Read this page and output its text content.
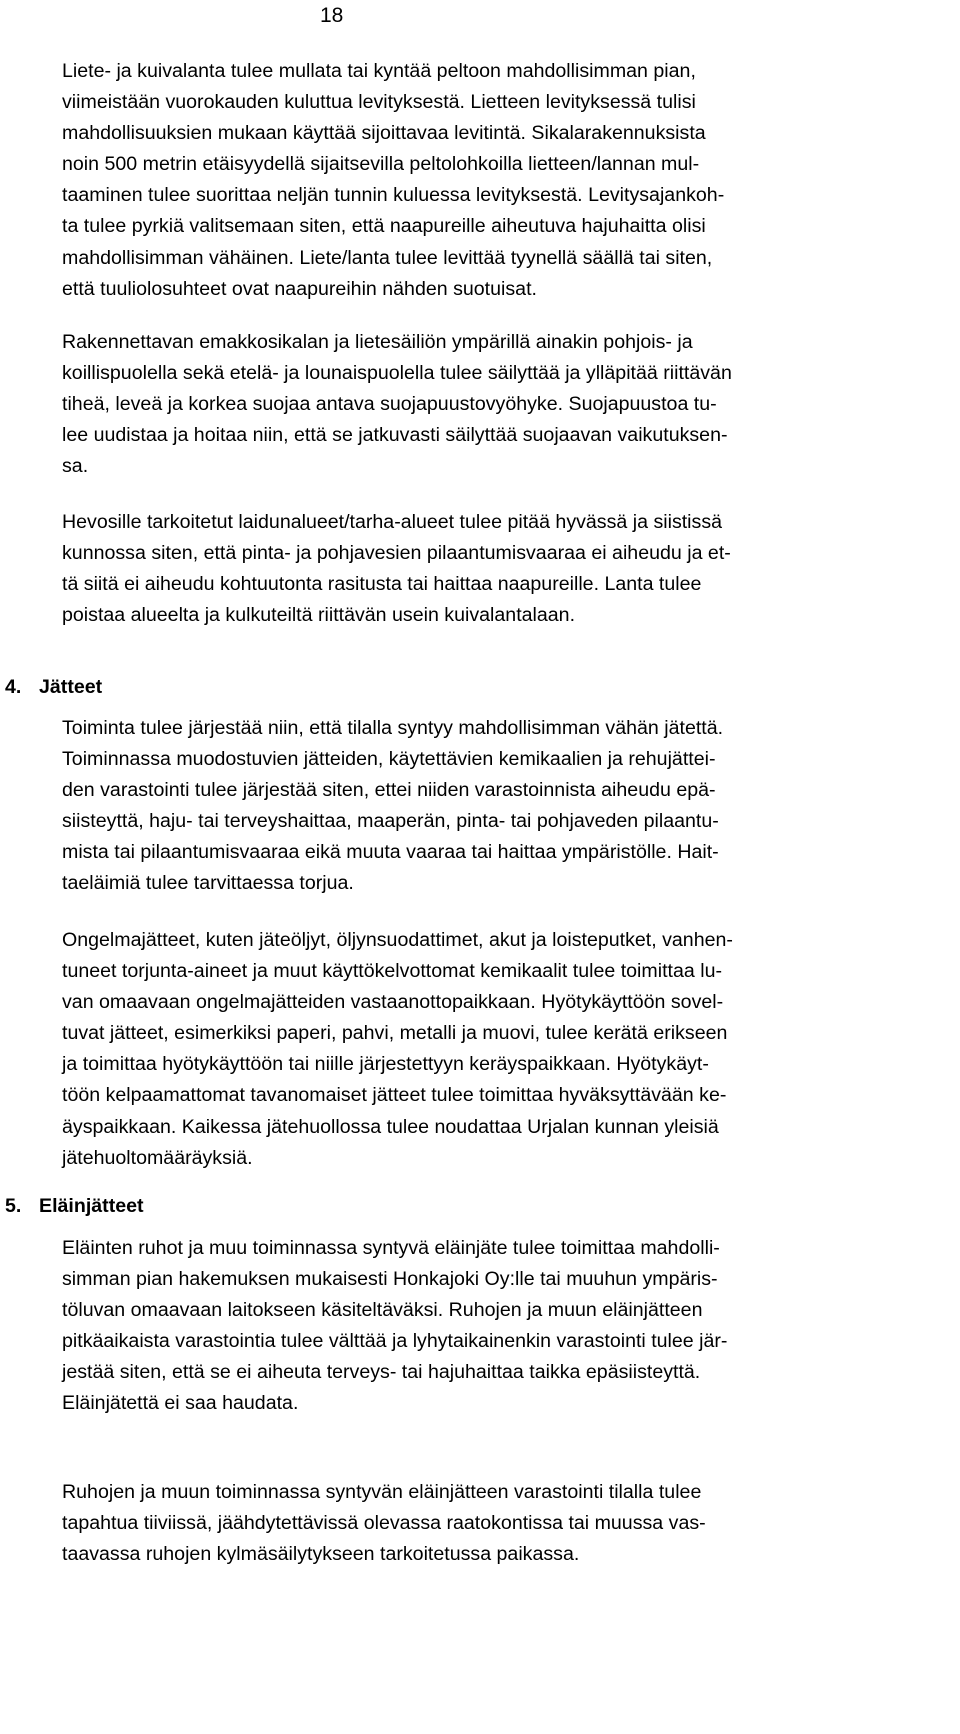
18

Liete- ja kuivalanta tulee mullata tai kyntää peltoon mahdollisimman pian,
viimeistään vuorokauden kuluttua levityksestä. Lietteen levityksessä tulisi
mahdollisuuksien mukaan käyttää sijoittavaa levitintä. Sikalarakennuksista
noin 500 metrin etäisyydellä sijaitsevilla peltolohkoilla lietteen/lannan mul-
taaminen tulee suorittaa neljän tunnin kuluessa levityksestä. Levitysajankoh-
ta tulee pyrkiä valitsemaan siten, että naapureille aiheutuva hajuhaitta olisi
mahdollisimman vähäinen. Liete/lanta tulee levittää tyynellä säällä tai siten,
että tuuliolosuhteet ovat naapureihin nähden suotuisat.

Rakennettavan emakkosikalan ja lietesäiliön ympärillä ainakin pohjois- ja
koillispuolella sekä etelä- ja lounaispuolella tulee säilyttää ja ylläpitää riittävän
tiheä, leveä ja korkea suojaa antava suojapuustovyöhyke. Suojapuustoa tu-
lee uudistaa ja hoitaa niin, että se jatkuvasti säilyttää suojaavan vaikutuksen-
sa.

Hevosille tarkoitetut laidunalueet/tarha-alueet tulee pitää hyvässä ja siistissä
kunnossa siten, että pinta- ja pohjavesien pilaantumisvaaraa ei aiheudu ja et-
tä siitä ei aiheudu kohtuutonta rasitusta tai haittaa naapureille. Lanta tulee
poistaa alueelta ja kulkuteiltä riittävän usein kuivalantalaan.

4. Jätteet

Toiminta tulee järjestää niin, että tilalla syntyy mahdollisimman vähän jätettä.
Toiminnassa muodostuvien jätteiden, käytettävien kemikaalien ja rehujättei-
den varastointi tulee järjestää siten, ettei niiden varastoinnista aiheudu epä-
siisteyttä, haju- tai terveyshaittaa, maaperän, pinta- tai pohjaveden pilaantu-
mista tai pilaantumisvaaraa eikä muuta vaaraa tai haittaa ympäristölle. Hait-
taeläimiä tulee tarvittaessa torjua.

Ongelmajätteet, kuten jäteöljyt, öljynsuodattimet, akut ja loisteputket, vanhen-
tuneet torjunta-aineet ja muut käyttökelvottomat kemikaalit tulee toimittaa lu-
van omaavaan ongelmajätteiden vastaanottopaikkaan. Hyötykäyttöön sovel-
tuvat jätteet, esimerkiksi paperi, pahvi, metalli ja muovi, tulee kerätä erikseen
ja toimittaa hyötykäyttöön tai niille järjestettyyn keräyspaikkaan. Hyötykäyt-
töön kelpaamattomat tavanomaiset jätteet tulee toimittaa hyväksyttävään ke-
äyspaikkaan. Kaikessa jätehuollossa tulee noudattaa Urjalan kunnan yleisiä
jätehuoltomääräyksiä.

5. Eläinjätteet

Eläinten ruhot ja muu toiminnassa syntyvä eläinjäte tulee toimittaa mahdolli-
simman pian hakemuksen mukaisesti Honkajoki Oy:lle tai muuhun ympäris-
töluvan omaavaan laitokseen käsiteltäväksi. Ruhojen ja muun eläinjätteen
pitkäaikaista varastointia tulee välttää ja lyhytaikainenkin varastointi tulee jär-
jestää siten, että se ei aiheuta terveys- tai hajuhaittaa taikka epäsiisteyttä.
Eläinjätettä ei saa haudata.

Ruhojen ja muun toiminnassa syntyvän eläinjätteen varastointi tilalla tulee
tapahtua tiiviissä, jäähdytettävissä olevassa raatokontissa tai muussa vas-
taavassa ruhojen kylmäsäilytykseen tarkoitetussa paikassa.
